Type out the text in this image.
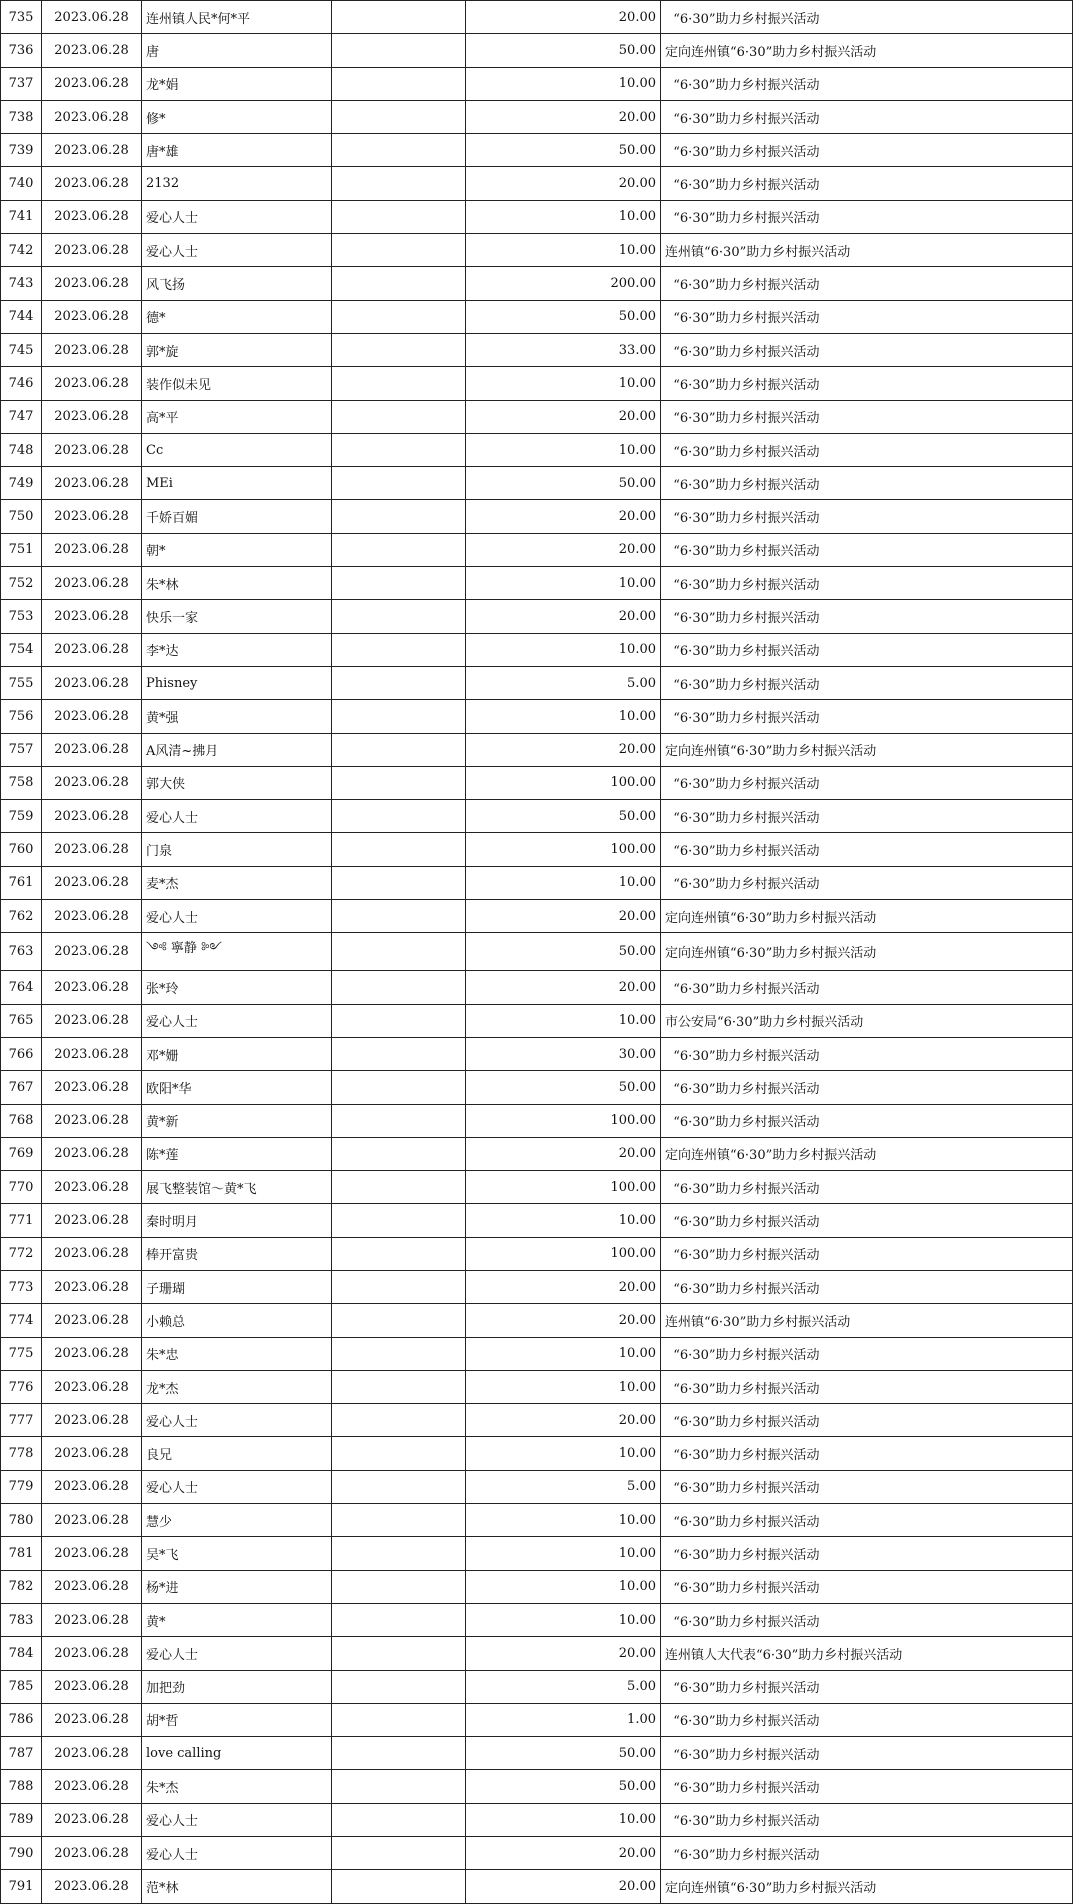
735	2023.06.28	连州镇人民*何*平		20.00	“6·30”助力乡村振兴活动
736	2023.06.28	唐		50.00	定向连州镇“6·30”助力乡村振兴活动
737	2023.06.28	龙*娟		10.00	“6·30”助力乡村振兴活动
738	2023.06.28	修*		20.00	“6·30”助力乡村振兴活动
739	2023.06.28	唐*雄		50.00	“6·30”助力乡村振兴活动
740	2023.06.28	2132		20.00	“6·30”助力乡村振兴活动
741	2023.06.28	爱心人士		10.00	“6·30”助力乡村振兴活动
742	2023.06.28	爱心人士		10.00	连州镇“6·30”助力乡村振兴活动
743	2023.06.28	风飞扬		200.00	“6·30”助力乡村振兴活动
744	2023.06.28	德*		50.00	“6·30”助力乡村振兴活动
745	2023.06.28	郭*旋		33.00	“6·30”助力乡村振兴活动
746	2023.06.28	装作似未见		10.00	“6·30”助力乡村振兴活动
747	2023.06.28	高*平		20.00	“6·30”助力乡村振兴活动
748	2023.06.28	Cc		10.00	“6·30”助力乡村振兴活动
749	2023.06.28	MEi		50.00	“6·30”助力乡村振兴活动
750	2023.06.28	千娇百媚		20.00	“6·30”助力乡村振兴活动
751	2023.06.28	朝*		20.00	“6·30”助力乡村振兴活动
752	2023.06.28	朱*林		10.00	“6·30”助力乡村振兴活动
753	2023.06.28	快乐一家		20.00	“6·30”助力乡村振兴活动
754	2023.06.28	李*达		10.00	“6·30”助力乡村振兴活动
755	2023.06.28	Phisney		5.00	“6·30”助力乡村振兴活动
756	2023.06.28	黄*强		10.00	“6·30”助力乡村振兴活动
757	2023.06.28	A风清~拂月		20.00	定向连州镇“6·30”助力乡村振兴活动
758	2023.06.28	郭大侠		100.00	“6·30”助力乡村振兴活动
759	2023.06.28	爱心人士		50.00	“6·30”助力乡村振兴活动
760	2023.06.28	门泉		100.00	“6·30”助力乡村振兴活动
761	2023.06.28	麦*杰		10.00	“6·30”助力乡村振兴活动
762	2023.06.28	爱心人士		20.00	定向连州镇“6·30”助力乡村振兴活动
763	2023.06.28	༺ 寧静 ༻		50.00	定向连州镇“6·30”助力乡村振兴活动
764	2023.06.28	张*玲		20.00	“6·30”助力乡村振兴活动
765	2023.06.28	爱心人士		10.00	市公安局“6·30”助力乡村振兴活动
766	2023.06.28	邓*姗		30.00	“6·30”助力乡村振兴活动
767	2023.06.28	欧阳*华		50.00	“6·30”助力乡村振兴活动
768	2023.06.28	黄*新		100.00	“6·30”助力乡村振兴活动
769	2023.06.28	陈*莲		20.00	定向连州镇“6·30”助力乡村振兴活动
770	2023.06.28	展飞整装馆～黄*飞		100.00	“6·30”助力乡村振兴活动
771	2023.06.28	秦时明月		10.00	“6·30”助力乡村振兴活动
772	2023.06.28	棒开富贵		100.00	“6·30”助力乡村振兴活动
773	2023.06.28	子珊瑚		20.00	“6·30”助力乡村振兴活动
774	2023.06.28	小赖总		20.00	连州镇“6·30”助力乡村振兴活动
775	2023.06.28	朱*忠		10.00	“6·30”助力乡村振兴活动
776	2023.06.28	龙*杰		10.00	“6·30”助力乡村振兴活动
777	2023.06.28	爱心人士		20.00	“6·30”助力乡村振兴活动
778	2023.06.28	良兄		10.00	“6·30”助力乡村振兴活动
779	2023.06.28	爱心人士		5.00	“6·30”助力乡村振兴活动
780	2023.06.28	慧少		10.00	“6·30”助力乡村振兴活动
781	2023.06.28	吴*飞		10.00	“6·30”助力乡村振兴活动
782	2023.06.28	杨*进		10.00	“6·30”助力乡村振兴活动
783	2023.06.28	黄*		10.00	“6·30”助力乡村振兴活动
784	2023.06.28	爱心人士		20.00	连州镇人大代表“6·30”助力乡村振兴活动
785	2023.06.28	加把劲		5.00	“6·30”助力乡村振兴活动
786	2023.06.28	胡*哲		1.00	“6·30”助力乡村振兴活动
787	2023.06.28	love calling		50.00	“6·30”助力乡村振兴活动
788	2023.06.28	朱*杰		50.00	“6·30”助力乡村振兴活动
789	2023.06.28	爱心人士		10.00	“6·30”助力乡村振兴活动
790	2023.06.28	爱心人士		20.00	“6·30”助力乡村振兴活动
791	2023.06.28	范*林		20.00	定向连州镇“6·30”助力乡村振兴活动
